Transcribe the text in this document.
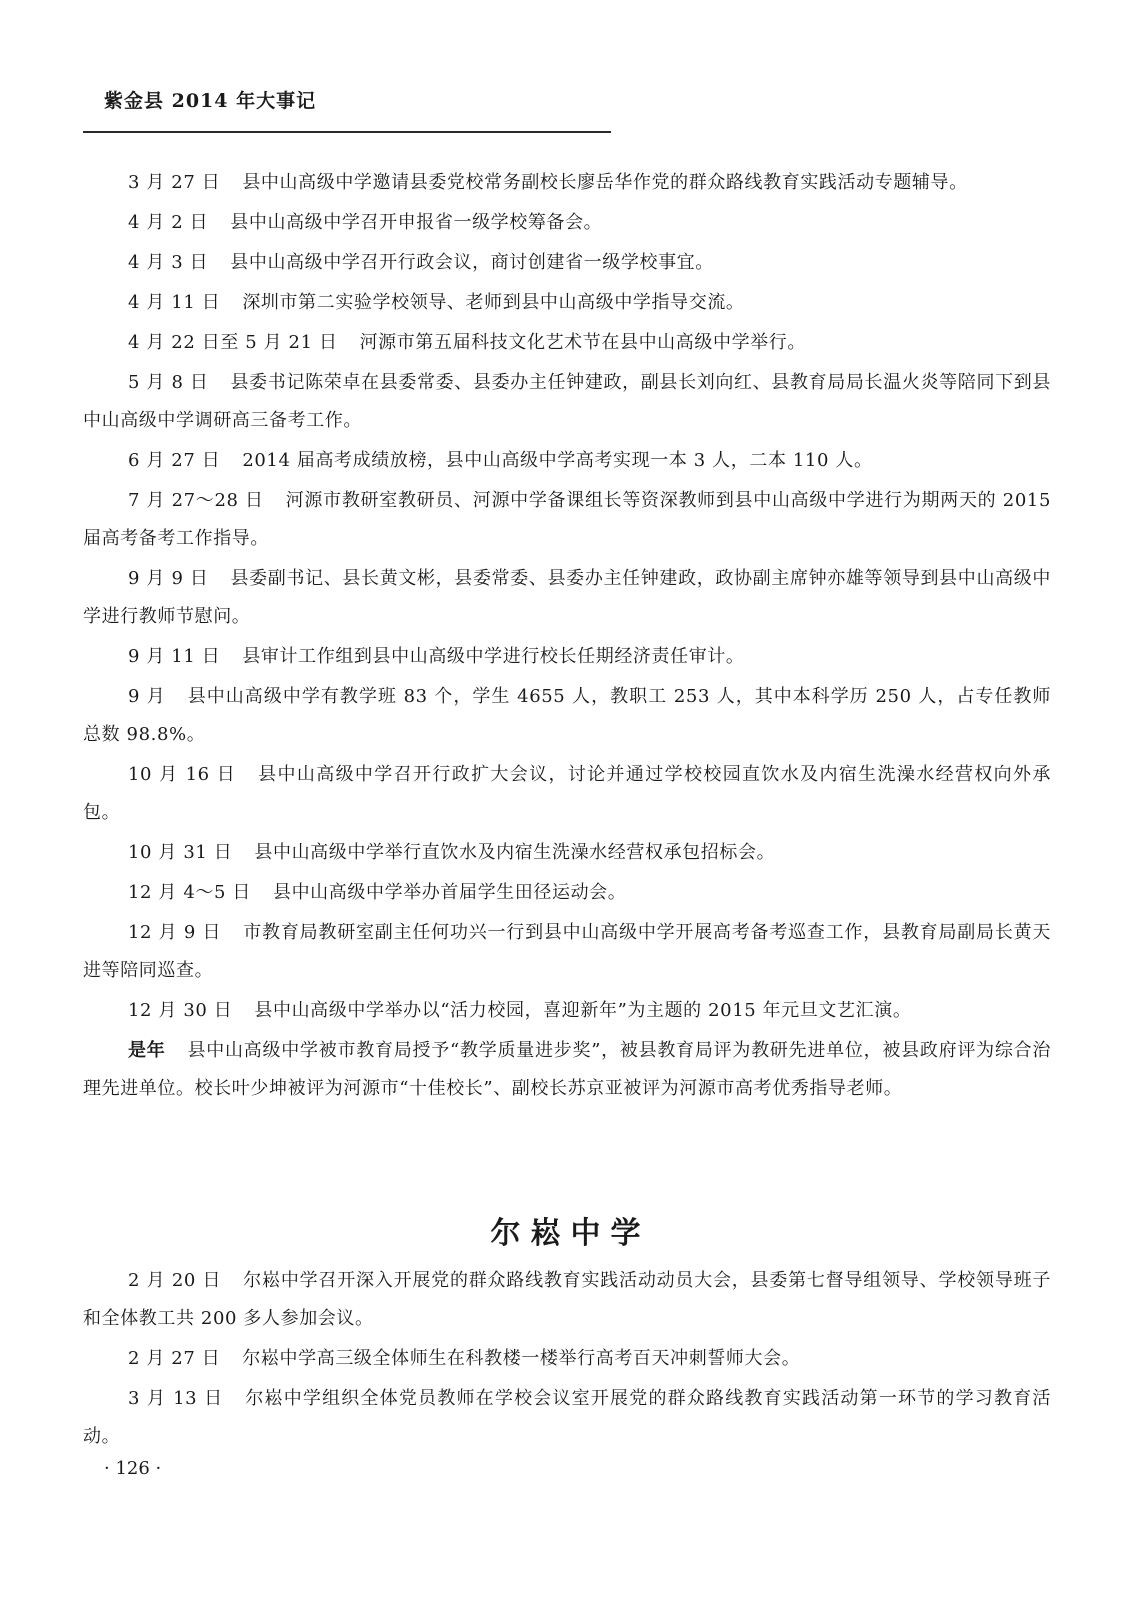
紫金县 2014 年大事记

3 月 27 日 县中山高级中学邀请县委党校常务副校长廖岳华作党的群众路线教育实践活动专题辅导。

4 月 2 日 县中山高级中学召开申报省一级学校筹备会。

4 月 3 日 县中山高级中学召开行政会议，商讨创建省一级学校事宜。

4 月 11 日 深圳市第二实验学校领导、老师到县中山高级中学指导交流。

4 月 22 日至 5 月 21 日 河源市第五届科技文化艺术节在县中山高级中学举行。

5 月 8 日 县委书记陈荣卓在县委常委、县委办主任钟建政，副县长刘向红、县教育局局长温火炎等陪同下到县中山高级中学调研高三备考工作。

6 月 27 日 2014 届高考成绩放榜，县中山高级中学高考实现一本 3 人，二本 110 人。

7 月 27～28 日 河源市教研室教研员、河源中学备课组长等资深教师到县中山高级中学进行为期两天的 2015 届高考备考工作指导。

9 月 9 日 县委副书记、县长黄文彬，县委常委、县委办主任钟建政，政协副主席钟亦雄等领导到县中山高级中学进行教师节慰问。

9 月 11 日 县审计工作组到县中山高级中学进行校长任期经济责任审计。

9 月 县中山高级中学有教学班 83 个，学生 4655 人，教职工 253 人，其中本科学历 250 人，占专任教师总数 98.8%。

10 月 16 日 县中山高级中学召开行政扩大会议，讨论并通过学校校园直饮水及内宿生洗澡水经营权向外承包。

10 月 31 日 县中山高级中学举行直饮水及内宿生洗澡水经营权承包招标会。

12 月 4～5 日 县中山高级中学举办首届学生田径运动会。

12 月 9 日 市教育局教研室副主任何功兴一行到县中山高级中学开展高考备考巡查工作，县教育局副局长黄天进等陪同巡查。

12 月 30 日 县中山高级中学举办以“活力校园，喜迎新年”为主题的 2015 年元旦文艺汇演。

是年 县中山高级中学被市教育局授予“教学质量进步奖”，被县教育局评为教研先进单位，被县政府评为综合治理先进单位。校长叶少坤被评为河源市“十佳校长”、副校长苏京亚被评为河源市高考优秀指导老师。

尔崧中学

2 月 20 日 尔崧中学召开深入开展党的群众路线教育实践活动动员大会，县委第七督导组领导、学校领导班子和全体教工共 200 多人参加会议。

2 月 27 日 尔崧中学高三级全体师生在科教楼一楼举行高考百天冲刺誓师大会。

3 月 13 日 尔崧中学组织全体党员教师在学校会议室开展党的群众路线教育实践活动第一环节的学习教育活动。

· 126 ·
